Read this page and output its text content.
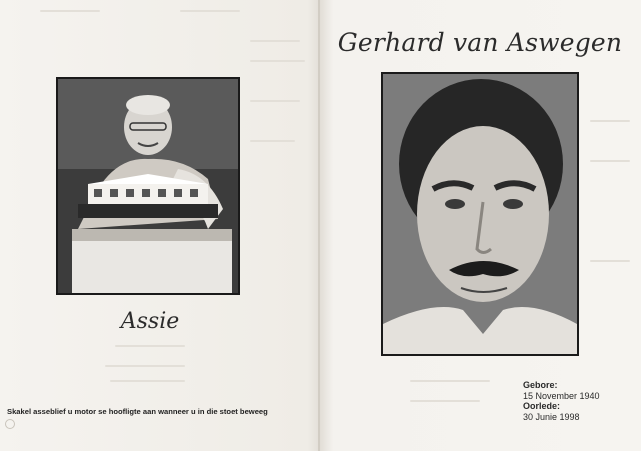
Assie
Skakel asseblief u motor se hoofligte aan wanneer u in die stoet beweeg
Gerhard van Aswegen
Gebore:
15 November 1940
Oorlede:
30 Junie 1998
